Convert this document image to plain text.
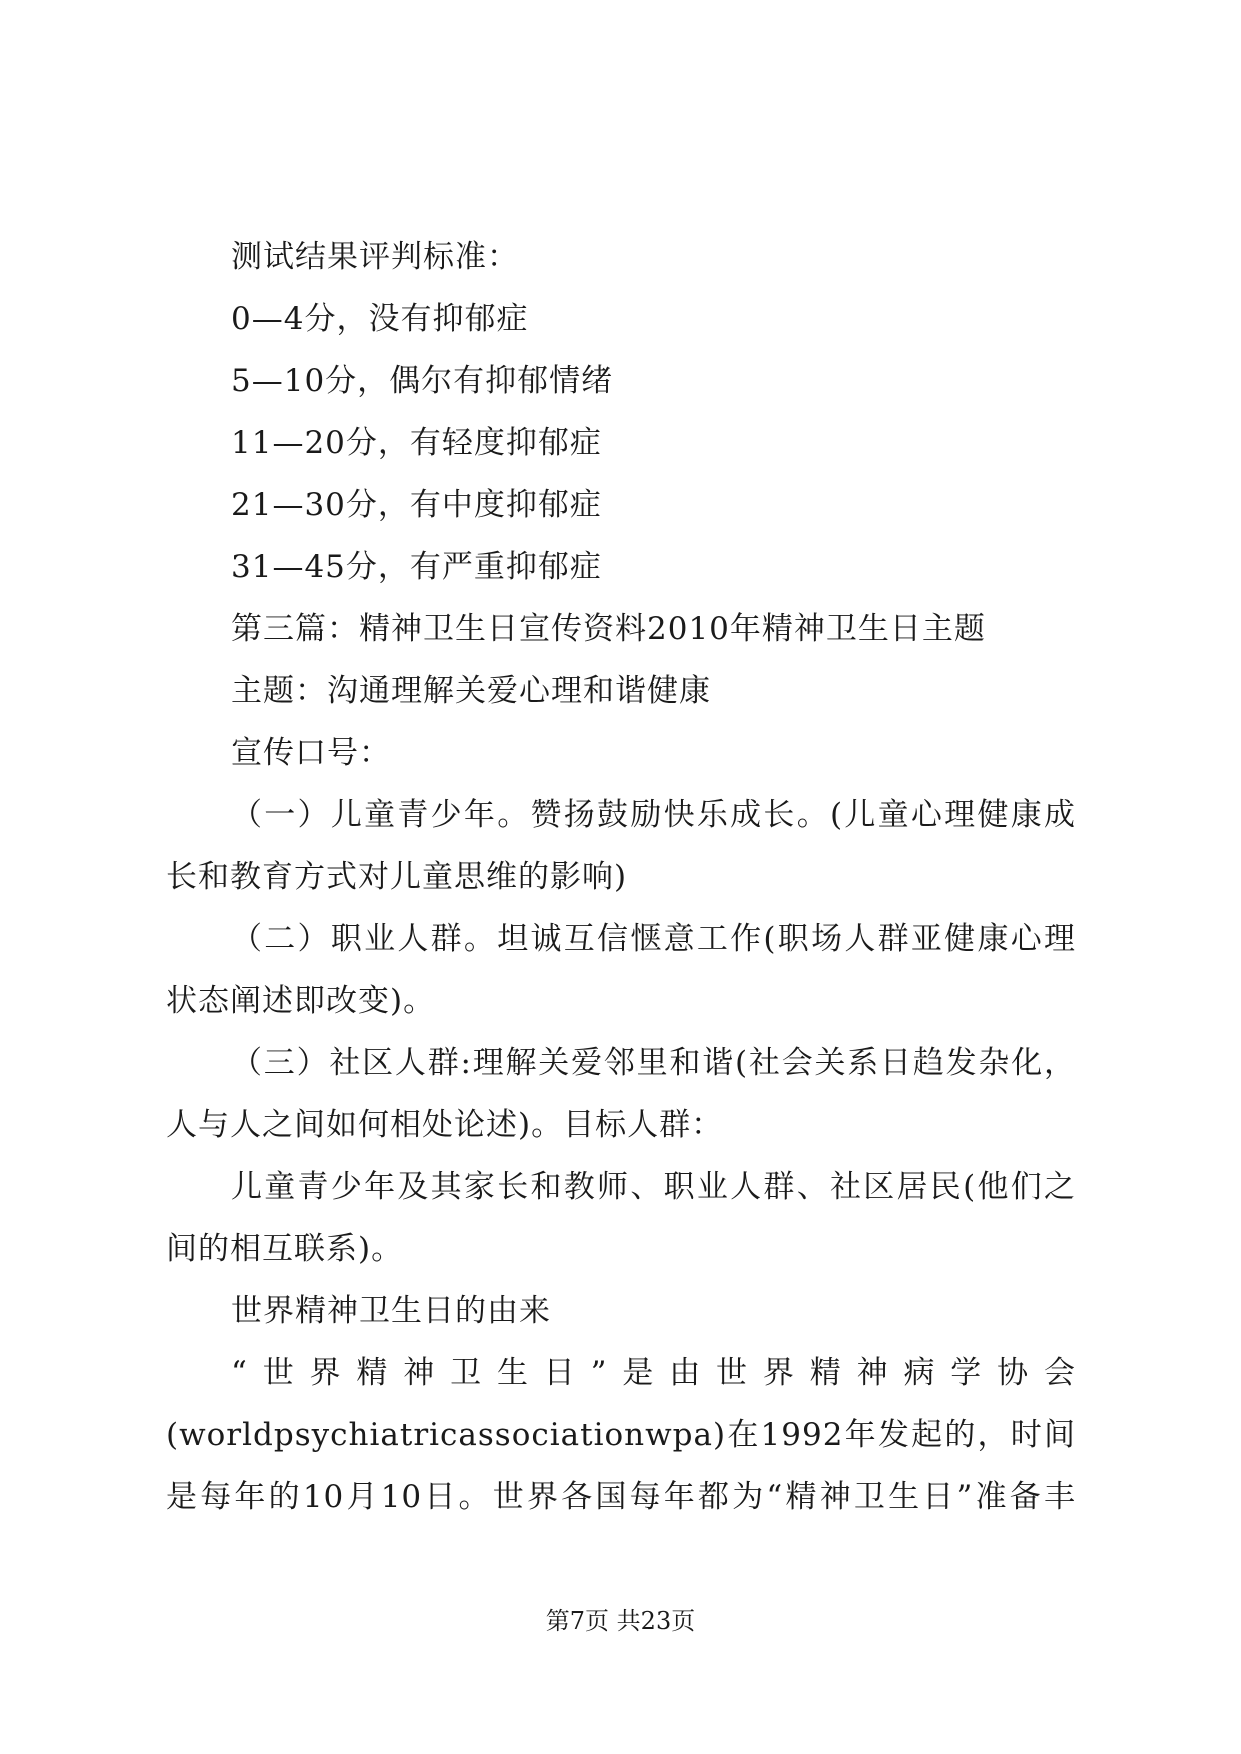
测试结果评判标准：
0—4分，没有抑郁症
5—10分，偶尔有抑郁情绪
11—20分，有轻度抑郁症
21—30分，有中度抑郁症
31—45分，有严重抑郁症
第三篇：精神卫生日宣传资料2010年精神卫生日主题
主题：沟通理解关爱心理和谐健康
宣传口号：
（一）儿童青少年。赞扬鼓励快乐成长。(儿童心理健康成
长和教育方式对儿童思维的影响)
（二）职业人群。坦诚互信惬意工作(职场人群亚健康心理
状态阐述即改变)。
（三）社区人群:理解关爱邻里和谐(社会关系日趋发杂化，
人与人之间如何相处论述)。目标人群：
儿童青少年及其家长和教师、职业人群、社区居民(他们之
间的相互联系)。
世界精神卫生日的由来
“世界精神卫生日”是由世界精神病学协会
(worldpsychiatricassociationwpa)在1992年发起的，时间
是每年的10月10日。世界各国每年都为“精神卫生日”准备丰
第7页 共23页
